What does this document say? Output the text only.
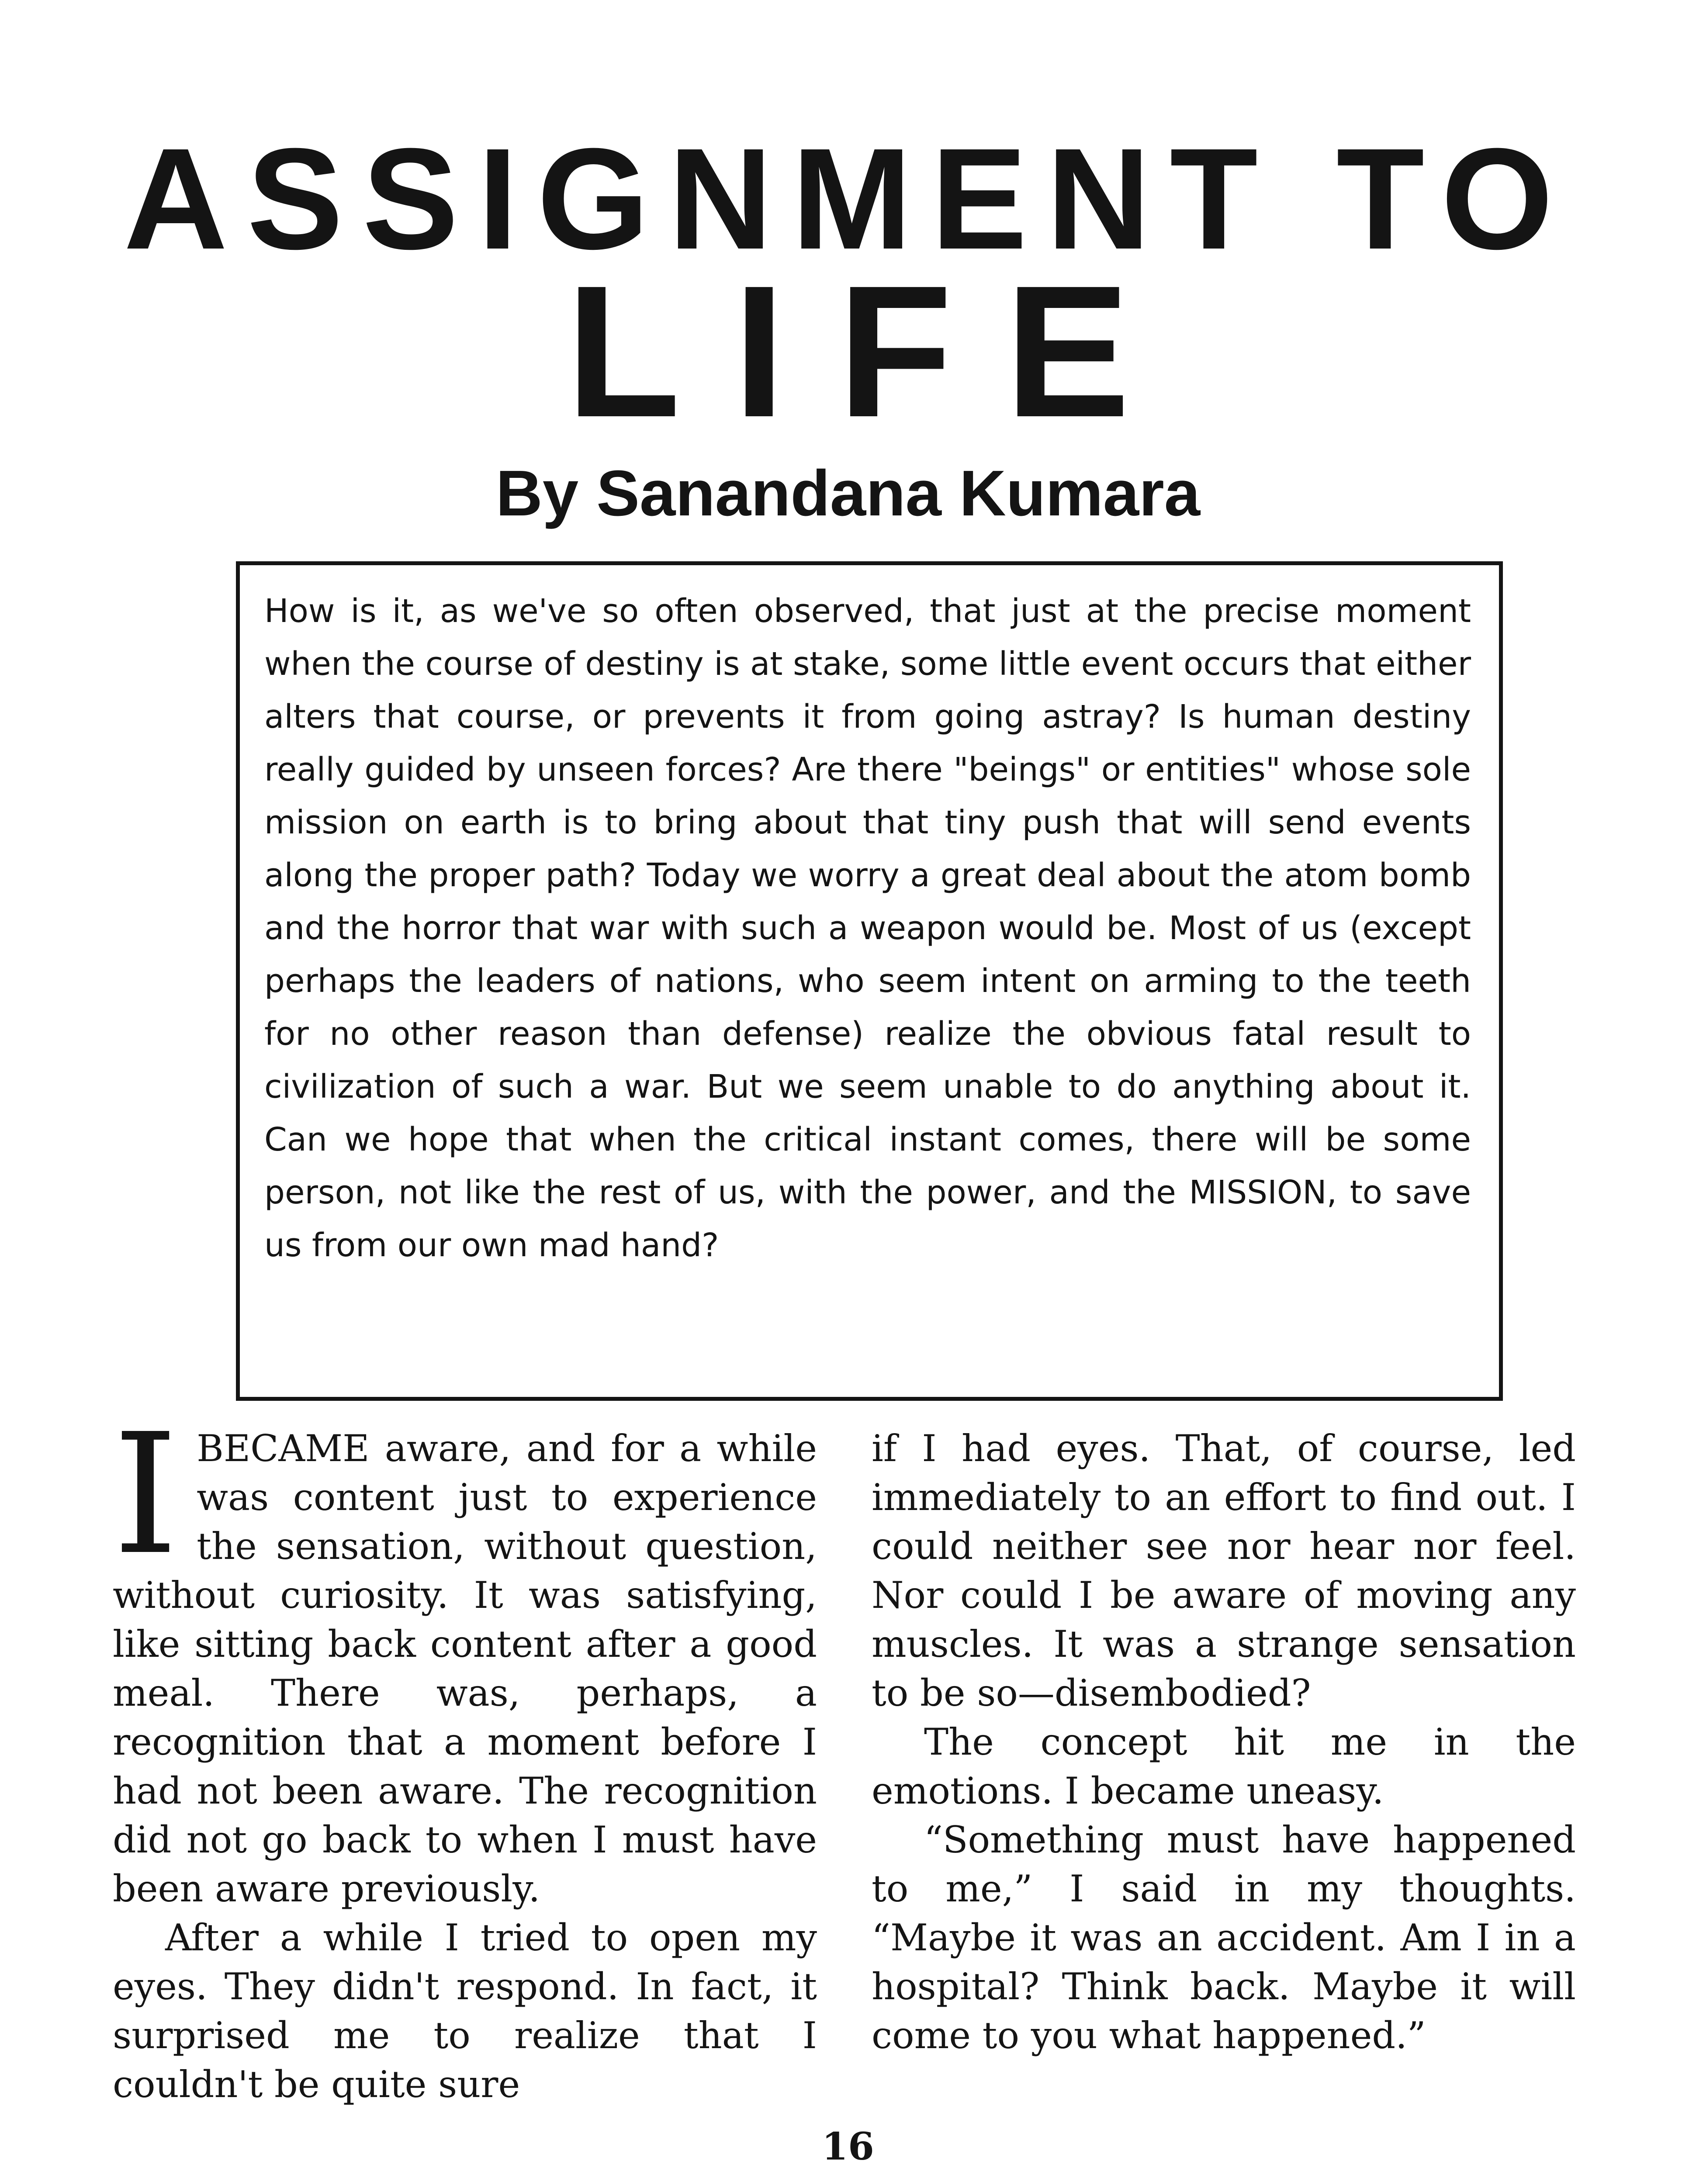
ASSIGNMENT TO
LIFE
By Sanandana Kumara

How is it, as we've so often observed, that just at the precise moment when the course of destiny is at stake, some little event occurs that either alters that course, or prevents it from going astray? Is human destiny really guided by unseen forces? Are there "beings" or entities" whose sole mission on earth is to bring about that tiny push that will send events along the proper path? Today we worry a great deal about the atom bomb and the horror that war with such a weapon would be. Most of us (except perhaps the leaders of nations, who seem intent on arming to the teeth for no other reason than defense) realize the obvious fatal result to civilization of such a war. But we seem unable to do anything about it. Can we hope that when the critical instant comes, there will be some person, not like the rest of us, with the power, and the MISSION, to save us from our own mad hand?

IBECAME aware, and for a while was content just to experience the sensation, without question, without curiosity. It was satisfying, like sitting back content after a good meal. There was, perhaps, a recognition that a moment before I had not been aware. The recognition did not go back to when I must have been aware previously.

After a while I tried to open my eyes. They didn't respond. In fact, it surprised me to realize that I couldn't be quite sure

if I had eyes. That, of course, led immediately to an effort to find out. I could neither see nor hear nor feel. Nor could I be aware of moving any muscles. It was a strange sensation to be so—disembodied?

The concept hit me in the emotions. I became uneasy.

“Something must have happened to me,” I said in my thoughts. “Maybe it was an accident. Am I in a hospital? Think back. Maybe it will come to you what happened.”

16
